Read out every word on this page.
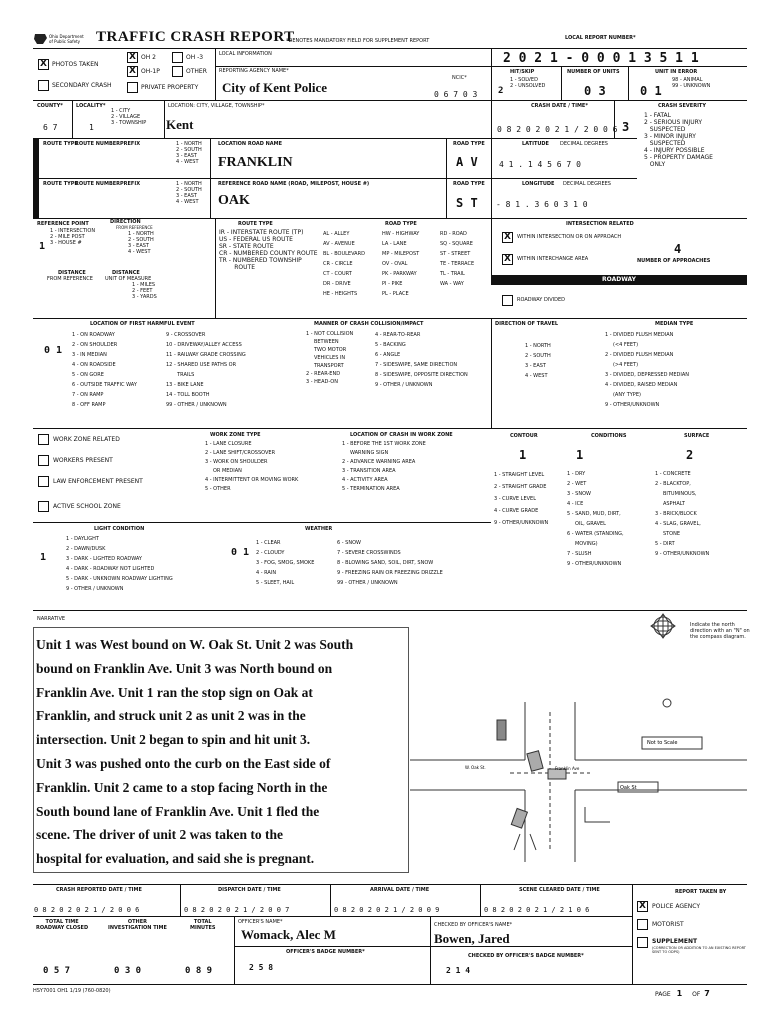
Ohio Department
of Public Safety TRAFFIC CRASH REPORT
*DENOTES MANDATORY FIELD FOR SUPPLEMENT REPORT	LOCAL REPORT NUMBER*
X PHOTOS TAKEN
X OH 2	OH -3
X OH-1P	OTHER
SECONDARY CRASH	PRIVATE PROPERTY
LOCAL INFORMATION
REPORTING AGENCY NAME*
City of Kent Police
NCIC*
0 6 7 0 3
2 0 2 1 - 0 0 0 1 3 5 1 1
HIT/SKIP
2
1 - SOLVED
2 - UNSOLVED
NUMBER OF UNITS
0 3
UNIT IN ERROR
0 1
98 - ANIMAL
99 - UNKNOWN
COUNTY*
6 7
LOCALITY*
1
1 - CITY
2 - VILLAGE
3 - TOWNSHIP
LOCATION: CITY, VILLAGE, TOWNSHIP*
Kent
CRASH DATE / TIME*
0 8 2 0 2 0 2 1 / 2 0 0 6 3
CRASH SEVERITY
1 - FATAL
2 - SERIOUS INJURY
SUSPECTED
3 - MINOR INJURY
SUSPECTED
4 - INJURY POSSIBLE
5 - PROPERTY DAMAGE
ONLY
ROUTE TYPE
ROUTE NUMBER PREFIX	1 - NORTH
2 - SOUTH
3 - EAST
4 - WEST
LOCATION ROAD NAME
FRANKLIN
ROAD TYPE
A V
LATITUDE DECIMAL DEGREES
4 1 . 1 4 5 6 7 0
ROUTE TYPE
ROUTE NUMBER PREFIX	1 - NORTH
2 - SOUTH
3 - EAST
4 - WEST
REFERENCE ROAD NAME (ROAD, MILEPOST, HOUSE #)
OAK
ROAD TYPE
S T
LONGITUDE DECIMAL DEGREES
- 8 1 . 3 6 0 3 1 0
REFERENCE POINT
1
1 - INTERSECTION
2 - MILE POST
3 - HOUSE #
DIRECTION
FROM REFERENCE
1 - NORTH
2 - SOUTH
3 - EAST
4 - WEST
DISTANCE
FROM REFERENCE
DISTANCE
UNIT OF MEASURE
1 - MILES
2 - FEET
3 - YARDS
ROUTE TYPE
IR - INTERSTATE ROUTE (TP)
US - FEDERAL US ROUTE
SR - STATE ROUTE
CR - NUMBERED COUNTY ROUTE
TR - NUMBERED TOWNSHIP
ROUTE
ROAD TYPE
AL - ALLEY
AV - AVENUE
BL - BOULEVARD
CR - CIRCLE
CT - COURT
DR - DRIVE
HE - HEIGHTS
HW - HIGHWAY
LA - LANE
MP - MILEPOST
OV - OVAL
PK - PARKWAY
PI - PIKE
PL - PLACE
RD - ROAD
SQ - SQUARE
ST - STREET
TE - TERRACE
TL - TRAIL
WA - WAY
INTERSECTION RELATED
X	WITHIN INTERSECTION OR ON APPROACH
X	WITHIN INTERCHANGE AREA
4
NUMBER OF APPROACHES
ROADWAY
ROADWAY DIVIDED
LOCATION OF FIRST HARMFUL EVENT
0 1
1 - ON ROADWAY
2 - ON SHOULDER
3 - IN MEDIAN
4 - ON ROADSIDE
5 - ON GORE
6 - OUTSIDE TRAFFIC WAY
7 - ON RAMP
8 - OFF RAMP
9 - CROSSOVER
10 - DRIVEWAY/ALLEY ACCESS
11 - RAILWAY GRADE CROSSING
12 - SHARED USE PATHS OR
TRAILS
13 - BIKE LANE
14 - TOLL BOOTH
99 - OTHER / UNKNOWN
MANNER OF CRASH COLLISION/IMPACT
1 - NOT COLLISION
BETWEEN
TWO MOTOR
VEHICLES IN
TRANSPORT
2 - REAR-END
3 - HEAD-ON
4 - REAR-TO-REAR
5 - BACKING
6 - ANGLE
7 - SIDESWIPE, SAME DIRECTION
8 - SIDESWIPE, OPPOSITE DIRECTION
9 - OTHER / UNKNOWN
DIRECTION OF TRAVEL
1 - NORTH
2 - SOUTH
3 - EAST
4 - WEST
MEDIAN TYPE
1 - DIVIDED FLUSH MEDIAN
(<4 FEET)
2 - DIVIDED FLUSH MEDIAN
(>4 FEET)
3 - DIVIDED, DEPRESSED MEDIAN
4 - DIVIDED, RAISED MEDIAN
(ANY TYPE)
9 - OTHER/UNKNOWN
WORK ZONE RELATED
WORKERS PRESENT
LAW ENFORCEMENT PRESENT
ACTIVE SCHOOL ZONE
WORK ZONE TYPE
1 - LANE CLOSURE
2 - LANE SHIFT/CROSSOVER
3 - WORK ON SHOULDER
OR MEDIAN
4 - INTERMITTENT OR MOVING WORK
5 - OTHER
LOCATION OF CRASH IN WORK ZONE
1 - BEFORE THE 1ST WORK ZONE
WARNING SIGN
2 - ADVANCE WARNING AREA
3 - TRANSITION AREA
4 - ACTIVITY AREA
5 - TERMINATION AREA
CONTOUR
1
CONDITIONS
1
SURFACE
2
1 - STRAIGHT LEVEL
2 - STRAIGHT GRADE
3 - CURVE LEVEL
4 - CURVE GRADE
9 - OTHER/UNKNOWN
1 - DRY
2 - WET
3 - SNOW
4 - ICE
5 - SAND, MUD, DIRT,
OIL, GRAVEL
6 - WATER (STANDING,
MOVING)
7 - SLUSH
9 - OTHER/UNKNOWN
1 - CONCRETE
2 - BLACKTOP,
BITUMINOUS,
ASPHALT
3 - BRICK/BLOCK
4 - SLAG, GRAVEL,
STONE
5 - DIRT
9 - OTHER/UNKNOWN
LIGHT CONDITION
1
1 - DAYLIGHT
2 - DAWN/DUSK
3 - DARK - LIGHTED ROADWAY
4 - DARK - ROADWAY NOT LIGHTED
5 - DARK - UNKNOWN ROADWAY LIGHTING
9 - OTHER / UNKNOWN
WEATHER
0 1
1 - CLEAR
2 - CLOUDY
3 - FOG, SMOG, SMOKE
4 - RAIN
5 - SLEET, HAIL
6 - SNOW
7 - SEVERE CROSSWINDS
8 - BLOWING SAND, SOIL, DIRT, SNOW
9 - FREEZING RAIN OR FREEZING DRIZZLE
99 - OTHER / UNKNOWN
NARRATIVE
Unit 1 was West bound on W. Oak St. Unit 2 was South
bound on Franklin Ave. Unit 3 was North bound on
Franklin Ave. Unit 1 ran the stop sign on Oak at
Franklin, and struck unit 2 as unit 2 was in the
intersection. Unit 2 began to spin and hit unit 3.
Unit 3 was pushed onto the curb on the East side of
Franklin. Unit 2 came to a stop facing North in the
South bound lane of Franklin Ave. Unit 1 fled the
scene. The driver of unit 2 was taken to the
hospital for evaluation, and said she is pregnant.
Not to Scale
Oak St
W. Oak St.	Franklin Ave
Indicate the north direction with an "N" on the compass diagram.
CRASH REPORTED DATE / TIME
0 8 2 0 2 0 2 1 / 2 0 0 6
DISPATCH DATE / TIME
0 8 2 0 2 0 2 1 / 2 0 0 7
ARRIVAL DATE / TIME
0 8 2 0 2 0 2 1 / 2 0 0 9
SCENE CLEARED DATE / TIME
0 8 2 0 2 0 2 1 / 2 1 0 6
REPORT TAKEN BY
X	POLICE AGENCY
MOTORIST
SUPPLEMENT
(CORRECTION OR ADDITION TO AN EXISTING REPORT SENT TO ODPS)
TOTAL TIME
ROADWAY CLOSED
OTHER
INVESTIGATION TIME
TOTAL
MINUTES
OFFICER'S NAME*
Womack, Alec M
CHECKED BY OFFICER'S NAME*
Bowen, Jared
OFFICER'S BADGE NUMBER*
2 5 8
CHECKED BY OFFICER'S BADGE NUMBER*
2 1 4
0 5 7	0 3 0	0 8 9
HSY7001 OH1 1/19 (760-0820)	PAGE 1 OF 7
